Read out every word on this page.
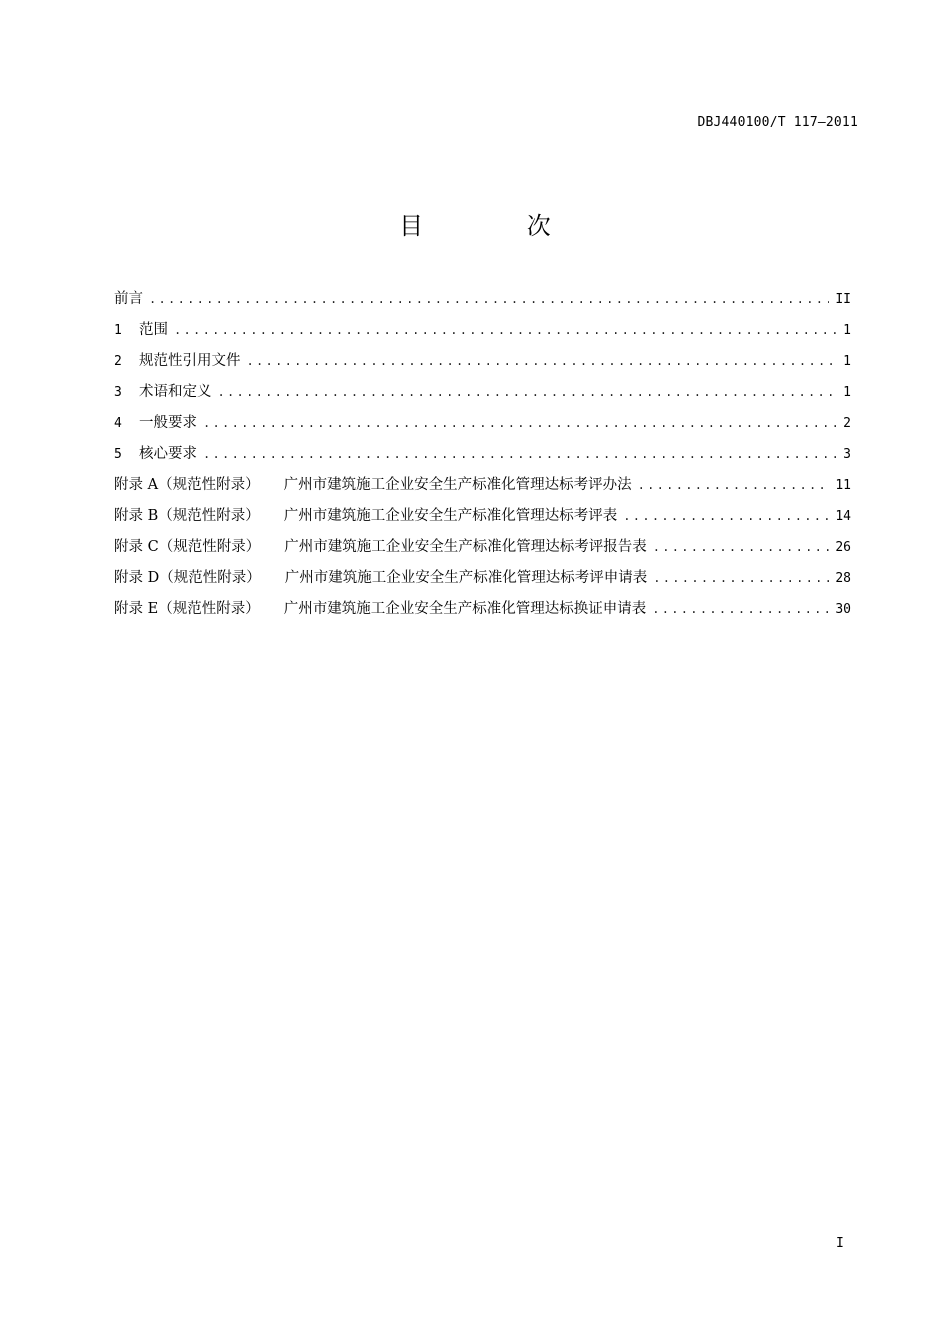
DBJ440100/T 117—2011
目 次
前言 .....	II
1	范围 .....	1
2	规范性引用文件 .....	1
3	术语和定义 .....	1
4	一般要求 .....	2
5	核心要求 .....	3
附录 A（规范性附录） 广州市建筑施工企业安全生产标准化管理达标考评办法 .....	11
附录 B（规范性附录） 广州市建筑施工企业安全生产标准化管理达标考评表 .....	14
附录 C（规范性附录） 广州市建筑施工企业安全生产标准化管理达标考评报告表 .....	26
附录 D（规范性附录） 广州市建筑施工企业安全生产标准化管理达标考评申请表 .....	28
附录 E（规范性附录） 广州市建筑施工企业安全生产标准化管理达标换证申请表 .....	30
I
